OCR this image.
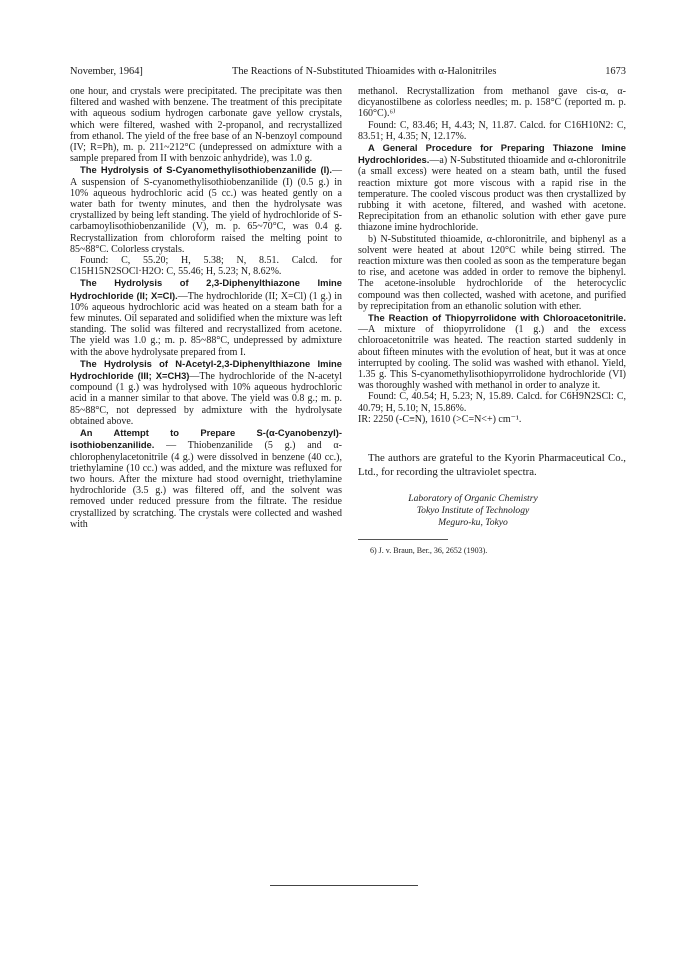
November, 1964]	The Reactions of N-Substituted Thioamides with α-Halonitriles	1673

one hour, and crystals were precipitated. The precipitate was then filtered and washed with benzene. The treatment of this precipitate with aqueous sodium hydrogen carbonate gave yellow crystals, which were filtered, washed with 2-propanol, and recrystallized from ethanol. The yield of the free base of an N-benzoyl compound (IV; R=Ph), m. p. 211~212°C (undepressed on admixture with a sample prepared from II with benzoic anhydride), was 1.0 g.

The Hydrolysis of S-Cyanomethylisothiobenzanilide (I).—A suspension of S-cyanomethylisothiobenzanilide (I) (0.5 g.) in 10% aqueous hydrochloric acid (5 cc.) was heated gently on a water bath for twenty minutes, and then the hydrolysate was crystallized by being left standing. The yield of hydrochloride of S-carbamoylisothiobenzanilide (V), m. p. 65~70°C, was 0.4 g. Recrystallization from chloroform raised the melting point to 85~88°C. Colorless crystals.

Found: C, 55.20; H, 5.38; N, 8.51. Calcd. for C15H15N2SOCl·H2O: C, 55.46; H, 5.23; N, 8.62%.

The Hydrolysis of 2,3-Diphenylthiazone Imine Hydrochloride (II; X=Cl).—The hydrochloride (II; X=Cl) (1 g.) in 10% aqueous hydrochloric acid was heated on a steam bath for a few minutes. Oil separated and solidified when the mixture was left standing. The solid was filtered and recrystallized from acetone. The yield was 1.0 g.; m. p. 85~88°C, undepressed by admixture with the above hydrolysate prepared from I.

The Hydrolysis of N-Acetyl-2,3-Diphenylthiazone Imine Hydrochloride (III; X=CH3)—The hydrochloride of the N-acetyl compound (1 g.) was hydrolysed with 10% aqueous hydrochloric acid in a manner similar to that above. The yield was 0.8 g.; m. p. 85~88°C, not depressed by admixture with the hydrolysate obtained above.

An Attempt to Prepare S-(α-Cyanobenzyl)-isothiobenzanilide. — Thiobenzanilide (5 g.) and α-chlorophenylacetonitrile (4 g.) were dissolved in benzene (40 cc.), triethylamine (10 cc.) was added, and the mixture was refluxed for two hours. After the mixture had stood overnight, triethylamine hydrochloride (3.5 g.) was filtered off, and the solvent was removed under reduced pressure from the filtrate. The residue crystallized by scratching. The crystals were collected and washed with

methanol. Recrystallization from methanol gave cis-α, α-dicyanostilbene as colorless needles; m. p. 158°C (reported m. p. 160°C).⁶⁾

Found: C, 83.46; H, 4.43; N, 11.87. Calcd. for C16H10N2: C, 83.51; H, 4.35; N, 12.17%.

A General Procedure for Preparing Thiazone Imine Hydrochlorides.—a) N-Substituted thioamide and α-chloronitrile (a small excess) were heated on a steam bath, until the fused reaction mixture got more viscous with a rapid rise in the temperature. The cooled viscous product was then crystallized by rubbing it with acetone, filtered, and washed with acetone. Reprecipitation from an ethanolic solution with ether gave pure thiazone imine hydrochloride.

b) N-Substituted thioamide, α-chloronitrile, and biphenyl as a solvent were heated at about 120°C while being stirred. The reaction mixture was then cooled as soon as the temperature began to rise, and acetone was added in order to remove the biphenyl. The acetone-insoluble hydrochloride of the heterocyclic compound was then collected, washed with acetone, and purified by reprecipitation from an ethanolic solution with ether.

The Reaction of Thiopyrrolidone with Chloroacetonitrile.—A mixture of thiopyrrolidone (1 g.) and the excess chloroacetonitrile was heated. The reaction started suddenly in about fifteen minutes with the evolution of heat, but it was at once interrupted by cooling. The solid was washed with ethanol. Yield, 1.35 g. This S-cyanomethylisothiopyrrolidone hydrochloride (VI) was thoroughly washed with methanol in order to analyze it.

Found: C, 40.54; H, 5.23; N, 15.89. Calcd. for C6H9N2SCl: C, 40.79; H, 5.10; N, 15.86%.

IR: 2250 (-C≡N), 1610 (>C=N<+) cm⁻¹.

The authors are grateful to the Kyorin Pharmaceutical Co., Ltd., for recording the ultraviolet spectra.

Laboratory of Organic Chemistry
Tokyo Institute of Technology
Meguro-ku, Tokyo
6) J. v. Braun, Ber., 36, 2652 (1903).
